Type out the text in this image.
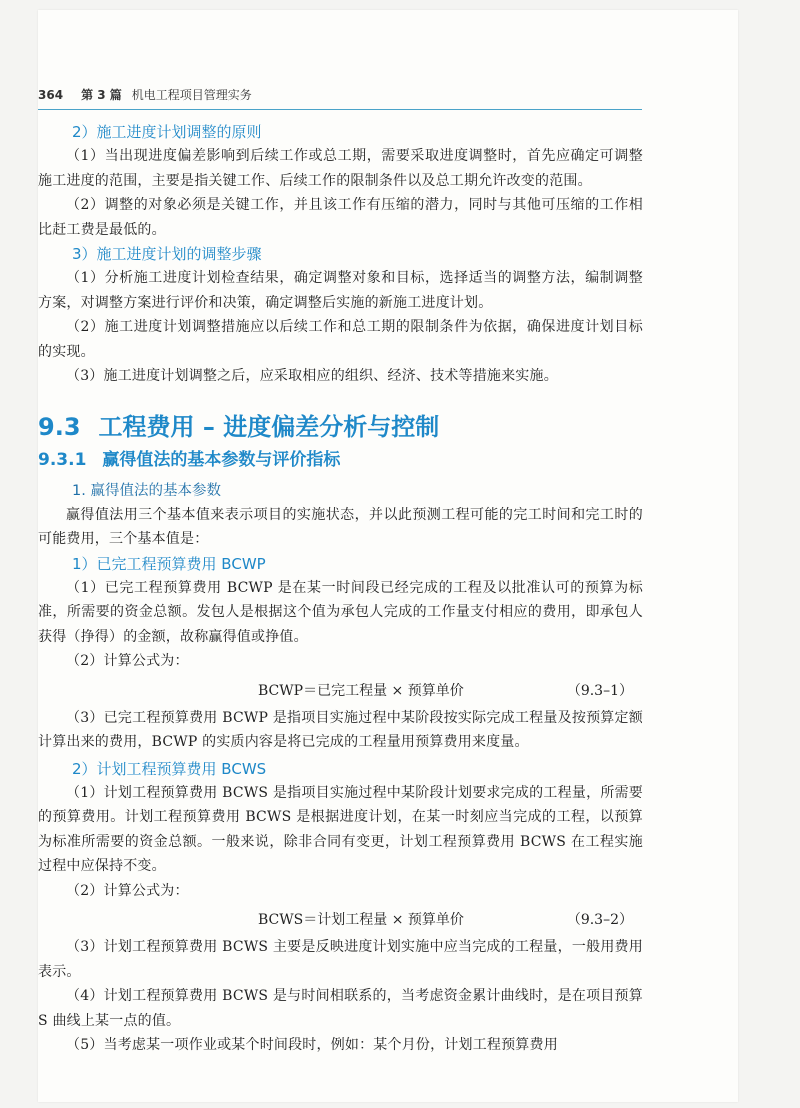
364 第 3 篇 机电工程项目管理实务
2）施工进度计划调整的原则

（1）当出现进度偏差影响到后续工作或总工期，需要采取进度调整时，首先应确定可调整施工进度的范围，主要是指关键工作、后续工作的限制条件以及总工期允许改变的范围。

（2）调整的对象必须是关键工作，并且该工作有压缩的潜力，同时与其他可压缩的工作相比赶工费是最低的。

3）施工进度计划的调整步骤

（1）分析施工进度计划检查结果，确定调整对象和目标，选择适当的调整方法，编制调整方案，对调整方案进行评价和决策，确定调整后实施的新施工进度计划。

（2）施工进度计划调整措施应以后续工作和总工期的限制条件为依据，确保进度计划目标的实现。

（3）施工进度计划调整之后，应采取相应的组织、经济、技术等措施来实施。

9.3 工程费用 – 进度偏差分析与控制
9.3.1 赢得值法的基本参数与评价指标
1. 赢得值法的基本参数

赢得值法用三个基本值来表示项目的实施状态，并以此预测工程可能的完工时间和完工时的可能费用，三个基本值是：

1）已完工程预算费用 BCWP

（1）已完工程预算费用 BCWP 是在某一时间段已经完成的工程及以批准认可的预算为标准，所需要的资金总额。发包人是根据这个值为承包人完成的工作量支付相应的费用，即承包人获得（挣得）的金额，故称赢得值或挣值。

（2）计算公式为：

BCWP＝已完工程量 × 预算单价	（9.3–1）

（3）已完工程预算费用 BCWP 是指项目实施过程中某阶段按实际完成工程量及按预算定额计算出来的费用，BCWP 的实质内容是将已完成的工程量用预算费用来度量。

2）计划工程预算费用 BCWS

（1）计划工程预算费用 BCWS 是指项目实施过程中某阶段计划要求完成的工程量，所需要的预算费用。计划工程预算费用 BCWS 是根据进度计划，在某一时刻应当完成的工程，以预算为标准所需要的资金总额。一般来说，除非合同有变更，计划工程预算费用 BCWS 在工程实施过程中应保持不变。

（2）计算公式为：

BCWS＝计划工程量 × 预算单价	（9.3–2）

（3）计划工程预算费用 BCWS 主要是反映进度计划实施中应当完成的工程量，一般用费用表示。

（4）计划工程预算费用 BCWS 是与时间相联系的，当考虑资金累计曲线时，是在项目预算 S 曲线上某一点的值。

（5）当考虑某一项作业或某个时间段时，例如：某个月份，计划工程预算费用
